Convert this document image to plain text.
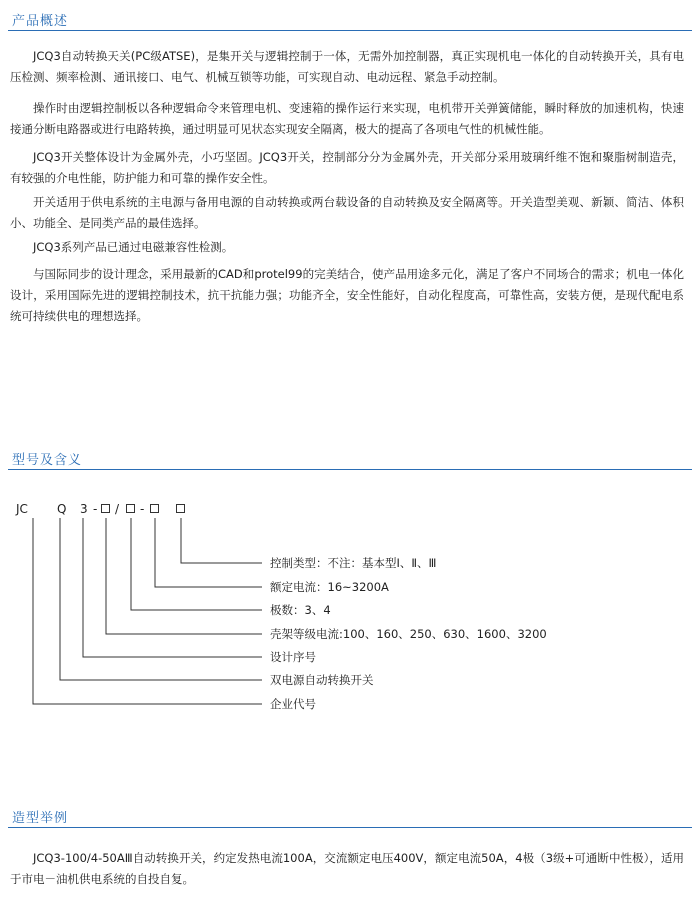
产品概述

JCQ3自动转换天关(PC级ATSE)，是集开关与逻辑控制于一体，无需外加控制器，真正实现机电一体化的自动转换开关，具有电压检测、频率检测、通讯接口、电气、机械互锁等功能，可实现自动、电动远程、紧急手动控制。

操作时由逻辑控制板以各种逻辑命令来管理电机、变速箱的操作运行来实现，电机带开关弹簧储能，瞬时释放的加速机构，快速接通分断电路器或进行电路转换，通过明显可见状态实现安全隔离，极大的提高了各项电气性的机械性能。

JCQ3开关整体设计为金属外壳，小巧坚固。JCQ3开关，控制部分分为金属外壳，开关部分采用玻璃纤维不饱和聚脂树制造壳，有较强的介电性能，防护能力和可靠的操作安全性。

开关适用于供电系统的主电源与备用电源的自动转换或两台载设备的自动转换及安全隔离等。开关造型美观、新颖、简洁、体积小、功能全、是同类产品的最佳选择。

JCQ3系列产品已通过电磁兼容性检测。

与国际同步的设计理念，采用最新的CAD和protel99的完美结合，使产品用途多元化，满足了客户不同场合的需求；机电一体化设计，采用国际先进的逻辑控制技术，抗干抗能力强；功能齐全，安全性能好，自动化程度高，可靠性高，安装方便，是现代配电系统可持续供电的理想选择。

型号及含义
JC Q 3 - / -
控制类型：不注：基本型Ⅰ、Ⅱ、Ⅲ
额定电流：16~3200A
极数：3、4
壳架等级电流:100、160、250、630、1600、3200
设计序号
双电源自动转换开关
企业代号
造型举例

JCQ3-100/4-50AⅢ自动转换开关，约定发热电流100A，交流额定电压400V，额定电流50A，4极（3级+可通断中性极），适用于市电－油机供电系统的自投自复。
